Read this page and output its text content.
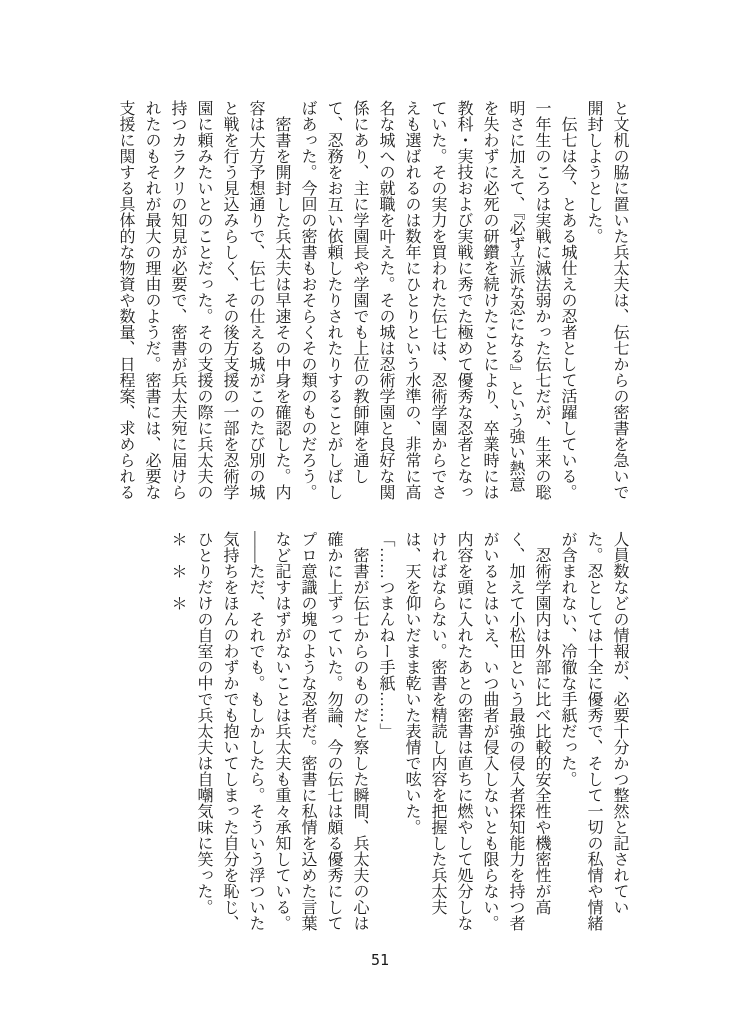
と文机の脇に置いた兵太夫は、伝七からの密書を急いで開封しようとした。

伝七は今、とある城仕えの忍者として活躍している。一年生のころは実戦に滅法弱かった伝七だが、生来の聡明さに加えて、『必ず立派な忍になる』という強い熱意を失わずに必死の研鑽を続けたことにより、卒業時には教科・実技および実戦に秀でた極めて優秀な忍者となっていた。その実力を買われた伝七は、忍術学園からでさえも選ばれるのは数年にひとりという水準の、非常に高名な城への就職を叶えた。その城は忍術学園と良好な関係にあり、主に学園長や学園でも上位の教師陣を通して、忍務をお互い依頼したりされたりすることがしばしばあった。今回の密書もおそらくその類のものだろう。

密書を開封した兵太夫は早速その中身を確認した。内容は大方予想通りで、伝七の仕える城がこのたび別の城と戦を行う見込みらしく、その後方支援の一部を忍術学園に頼みたいとのことだった。その支援の際に兵太夫の持つカラクリの知見が必要で、密書が兵太夫宛に届けられたのもそれが最大の理由のようだ。密書には、必要な支援に関する具体的な物資や数量、日程案、求められる

人員数などの情報が、必要十分かつ整然と記されていた。忍としては十全に優秀で、そして一切の私情や情緒が含まれない、冷徹な手紙だった。

忍術学園内は外部に比べ比較的安全性や機密性が高く、加えて小松田という最強の侵入者探知能力を持つ者がいるとはいえ、いつ曲者が侵入しないとも限らない。内容を頭に入れたあとの密書は直ちに燃やして処分しなければならない。密書を精読し内容を把握した兵太夫は、天を仰いだまま乾いた表情で呟いた。

「……つまんねー手紙……」

密書が伝七からのものだと察した瞬間、兵太夫の心は確かに上ずっていた。勿論、今の伝七は頗る優秀にしてプロ意識の塊のような忍者だ。密書に私情を込めた言葉など記すはずがないことは兵太夫も重々承知している。――ただ、それでも。もしかしたら。そういう浮ついた気持ちをほんのわずかでも抱いてしまった自分を恥じ、ひとりだけの自室の中で兵太夫は自嘲気味に笑った。

＊　＊　＊

51
